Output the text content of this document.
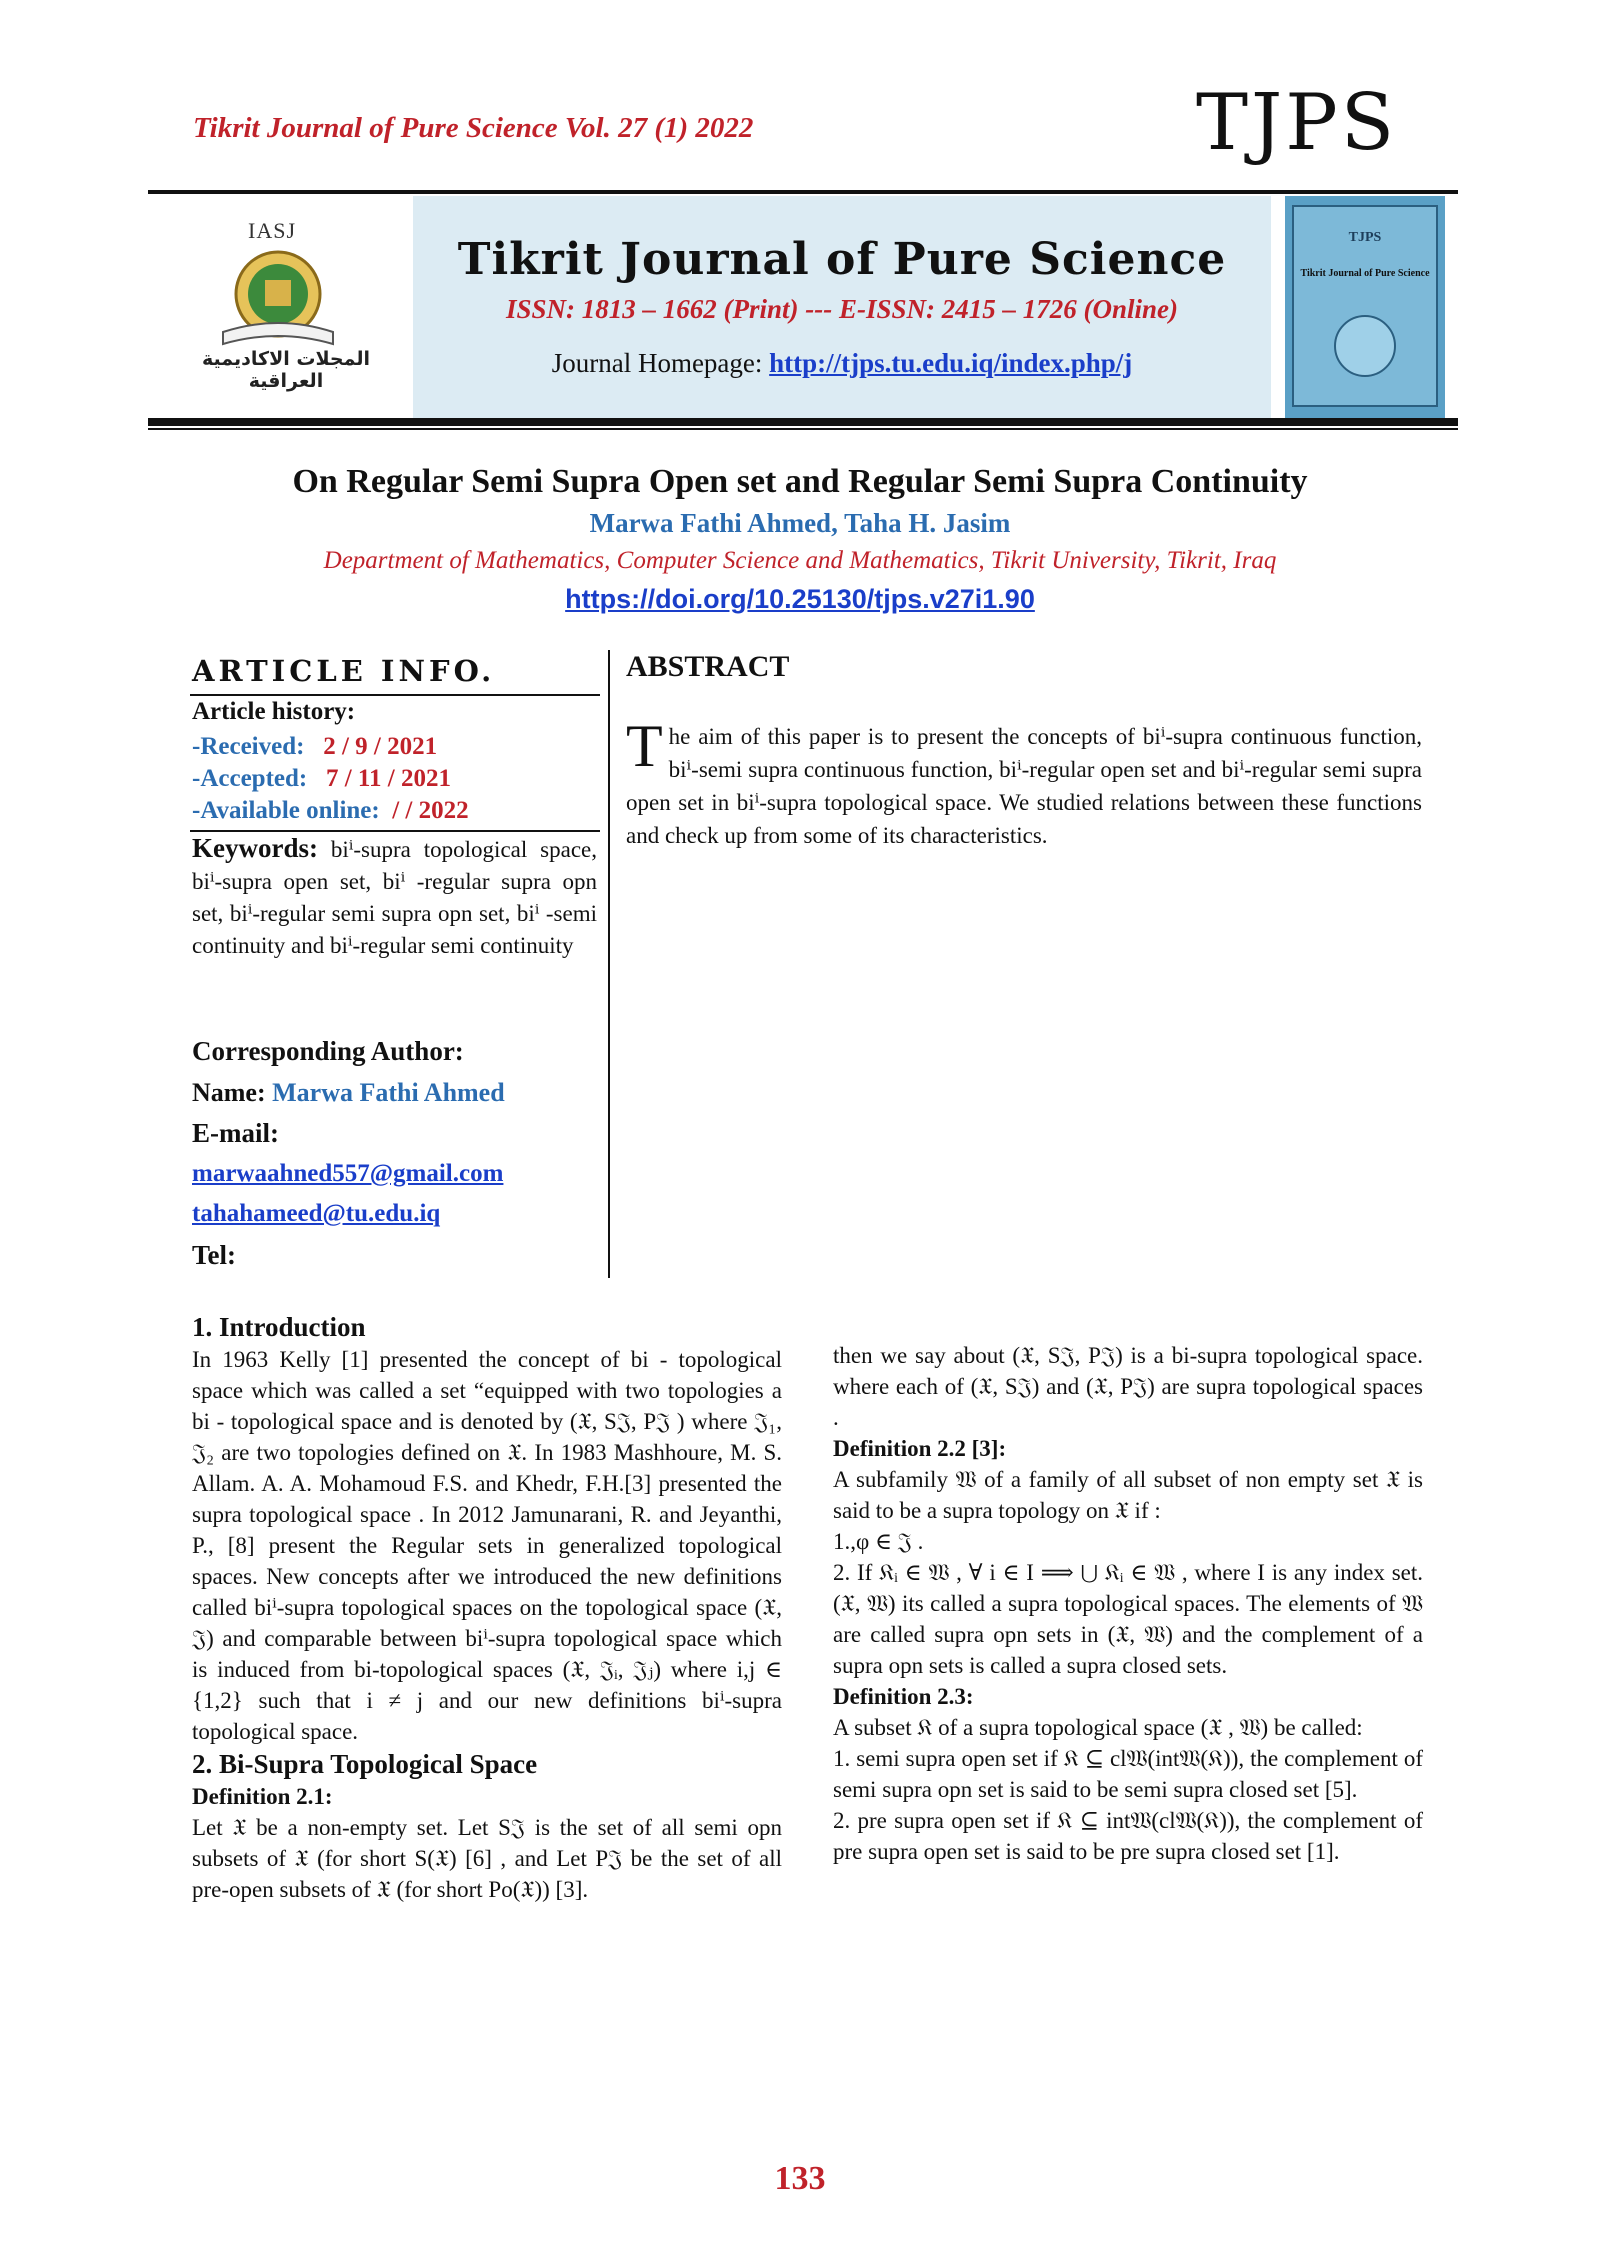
Tikrit Journal of Pure Science Vol. 27 (1) 2022	TJPS
IASJ
المجلات الاكاديمية العراقية
Tikrit Journal of Pure Science
ISSN: 1813 – 1662 (Print) --- E-ISSN: 2415 – 1726 (Online)
Journal Homepage: http://tjps.tu.edu.iq/index.php/j
TJPS
Tikrit Journal of Pure Science
On Regular Semi Supra Open set and Regular Semi Supra Continuity
Marwa Fathi Ahmed, Taha H. Jasim
Department of Mathematics, Computer Science and Mathematics, Tikrit University, Tikrit, Iraq
https://doi.org/10.25130/tjps.v27i1.90
ARTICLE INFO.
Article history:
-Received: 2 / 9 / 2021
-Accepted: 7 / 11 / 2021
-Available online: / / 2022
Keywords: biⁱ-supra topological space, biⁱ-supra open set, biⁱ -regular supra opn set, biⁱ-regular semi supra opn set, biⁱ -semi continuity and biⁱ-regular semi continuity
Corresponding Author:
Name: Marwa Fathi Ahmed
E-mail:
marwaahned557@gmail.com
tahahameed@tu.edu.iq
Tel:
ABSTRACT
The aim of this paper is to present the concepts of biⁱ-supra continuous function, biⁱ-semi supra continuous function, biⁱ-regular open set and biⁱ-regular semi supra open set in biⁱ-supra topological space. We studied relations between these functions and check up from some of its characteristics.
1. Introduction

In 1963 Kelly [1] presented the concept of bi - topological space which was called a set “equipped with two topologies a bi - topological space and is denoted by (𝔛, S𝔍, P𝔍 ) where 𝔍₁, 𝔍₂ are two topologies defined on 𝔛. In 1983 Mashhoure, M. S. Allam. A. A. Mohamoud F.S. and Khedr, F.H.[3] presented the supra topological space . In 2012 Jamunarani, R. and Jeyanthi, P., [8] present the Regular sets in generalized topological spaces. New concepts after we introduced the new definitions called biⁱ-supra topological spaces on the topological space (𝔛, 𝔍) and comparable between biⁱ-supra topological space which is induced from bi-topological spaces (𝔛, 𝔍ᵢ, 𝔍ⱼ) where i,j ∈ {1,2} such that i ≠ j and our new definitions biⁱ-supra topological space.

2. Bi-Supra Topological Space

Definition 2.1:

Let 𝔛 be a non-empty set. Let S𝔍 is the set of all semi opn subsets of 𝔛 (for short S(𝔛) [6] , and Let P𝔍 be the set of all pre-open subsets of 𝔛 (for short Po(𝔛)) [3].

then we say about (𝔛, S𝔍, P𝔍) is a bi-supra topological space. where each of (𝔛, S𝔍) and (𝔛, P𝔍) are supra topological spaces .

Definition 2.2 [3]:

A subfamily 𝔚 of a family of all subset of non empty set 𝔛 is said to be a supra topology on 𝔛 if :

1.,φ ∈ 𝔍 .

2. If 𝔎ᵢ ∈ 𝔚 , ∀ i ∈ I ⟹ ⋃ 𝔎ᵢ ∈ 𝔚 , where I is any index set. (𝔛, 𝔚) its called a supra topological spaces. The elements of 𝔚 are called supra opn sets in (𝔛, 𝔚) and the complement of a supra opn sets is called a supra closed sets.

Definition 2.3:

A subset 𝔎 of a supra topological space (𝔛 , 𝔚) be called:

1. semi supra open set if 𝔎 ⊆ cl𝔚(int𝔚(𝔎)), the complement of semi supra opn set is said to be semi supra closed set [5].

2. pre supra open set if 𝔎 ⊆ int𝔚(cl𝔚(𝔎)), the complement of pre supra open set is said to be pre supra closed set [1].

133
